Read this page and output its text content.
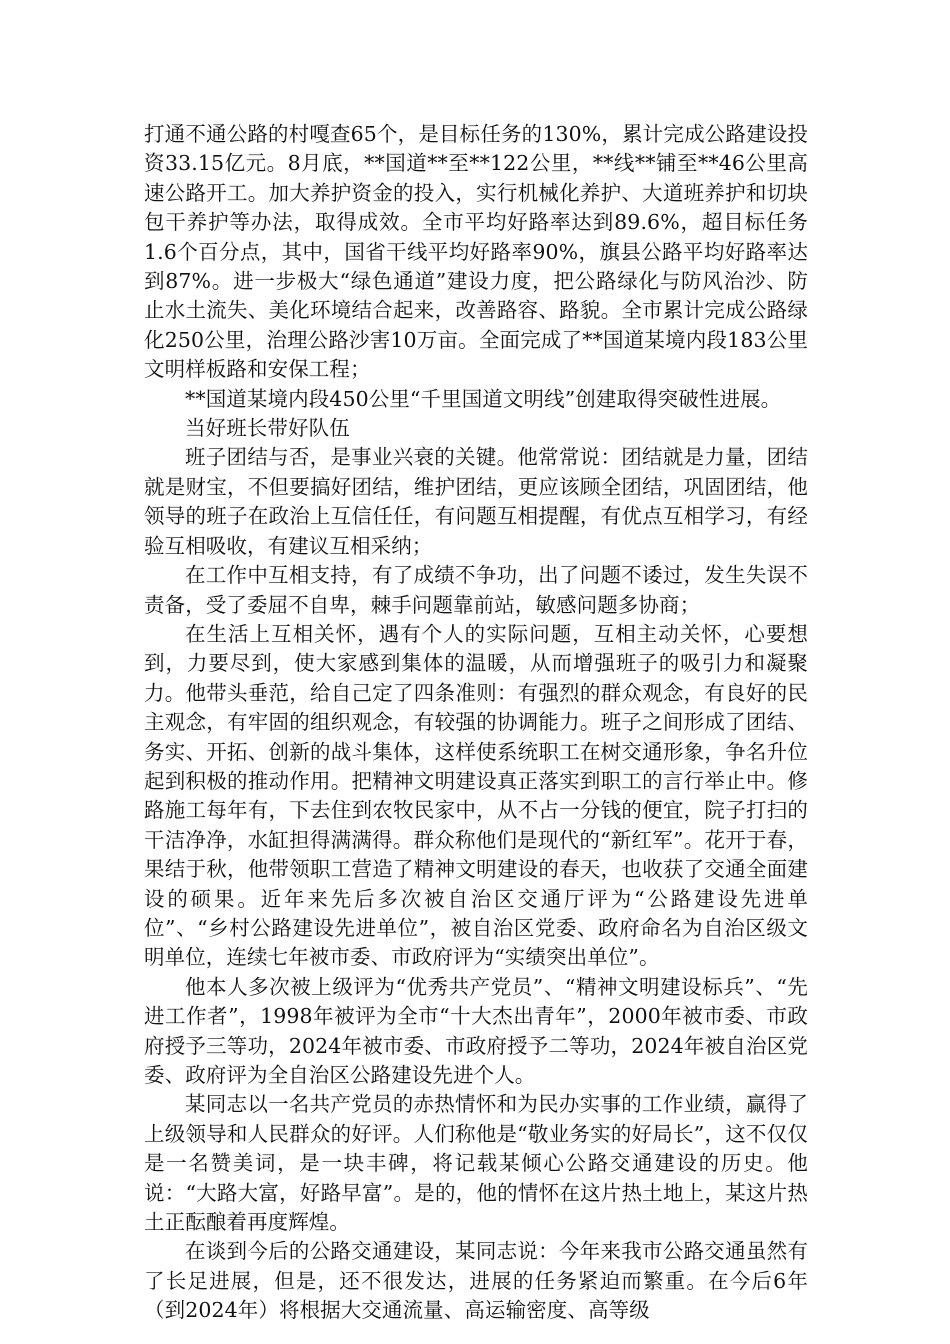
打通不通公路的村嘎查65个，是目标任务的130%，累计完成公路建设投资33.15亿元。8月底，**国道**至**122公里，**线**铺至**46公里高速公路开工。加大养护资金的投入，实行机械化养护、大道班养护和切块包干养护等办法，取得成效。全市平均好路率达到89.6%，超目标任务1.6个百分点，其中，国省干线平均好路率90%，旗县公路平均好路率达到87%。进一步极大“绿色通道”建设力度，把公路绿化与防风治沙、防止水土流失、美化环境结合起来，改善路容、路貌。全市累计完成公路绿化250公里，治理公路沙害10万亩。全面完成了**国道某境内段183公里文明样板路和安保工程；

**国道某境内段450公里“千里国道文明线”创建取得突破性进展。

当好班长带好队伍

班子团结与否，是事业兴衰的关键。他常常说：团结就是力量，团结就是财宝，不但要搞好团结，维护团结，更应该顾全团结，巩固团结，他领导的班子在政治上互信任任，有问题互相提醒，有优点互相学习，有经验互相吸收，有建议互相采纳；

在工作中互相支持，有了成绩不争功，出了问题不诿过，发生失误不责备，受了委屈不自卑，棘手问题靠前站，敏感问题多协商；

在生活上互相关怀，遇有个人的实际问题，互相主动关怀，心要想到，力要尽到，使大家感到集体的温暖，从而增强班子的吸引力和凝聚力。他带头垂范，给自己定了四条准则：有强烈的群众观念，有良好的民主观念，有牢固的组织观念，有较强的协调能力。班子之间形成了团结、务实、开拓、创新的战斗集体，这样使系统职工在树交通形象，争名升位起到积极的推动作用。把精神文明建设真正落实到职工的言行举止中。修路施工每年有，下去住到农牧民家中，从不占一分钱的便宜，院子打扫的干洁净净，水缸担得满满得。群众称他们是现代的“新红军”。花开于春，果结于秋，他带领职工营造了精神文明建设的春天，也收获了交通全面建设的硕果。近年来先后多次被自治区交通厅评为“公路建设先进单位”、“乡村公路建设先进单位”，被自治区党委、政府命名为自治区级文明单位，连续七年被市委、市政府评为“实绩突出单位”。

他本人多次被上级评为“优秀共产党员”、“精神文明建设标兵”、“先进工作者”，1998年被评为全市“十大杰出青年”，2000年被市委、市政府授予三等功，2024年被市委、市政府授予二等功，2024年被自治区党委、政府评为全自治区公路建设先进个人。

某同志以一名共产党员的赤热情怀和为民办实事的工作业绩，赢得了上级领导和人民群众的好评。人们称他是“敬业务实的好局长”，这不仅仅是一名赞美词，是一块丰碑，将记载某倾心公路交通建设的历史。他说：“大路大富，好路早富”。是的，他的情怀在这片热土地上，某这片热土正酝酿着再度辉煌。

在谈到今后的公路交通建设，某同志说：今年来我市公路交通虽然有了长足进展，但是，还不很发达，进展的任务紧迫而繁重。在今后6年（到2024年）将根据大交通流量、高运输密度、高等级
